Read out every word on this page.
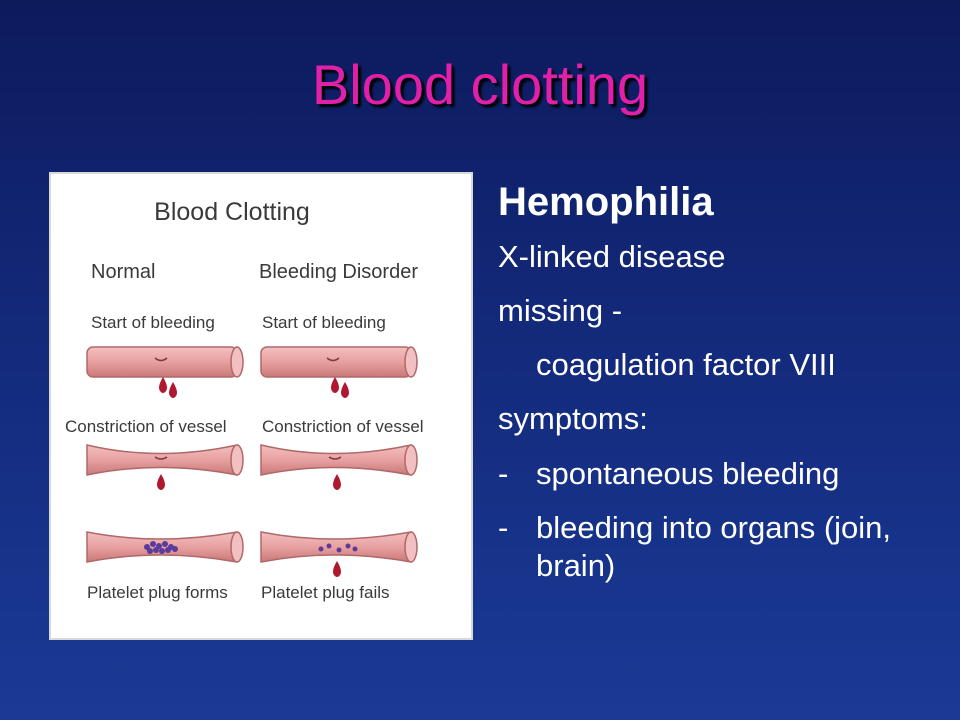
Blood clotting
Blood Clotting
Normal	Bleeding Disorder
Start of bleeding	Start of bleeding
Constriction of vessel Constriction of vessel
Platelet plug forms Platelet plug fails
Hemophilia
X-linked disease
missing -
coagulation factor VIII
symptoms:
- spontaneous bleeding
- bleeding into organs (join, brain)
